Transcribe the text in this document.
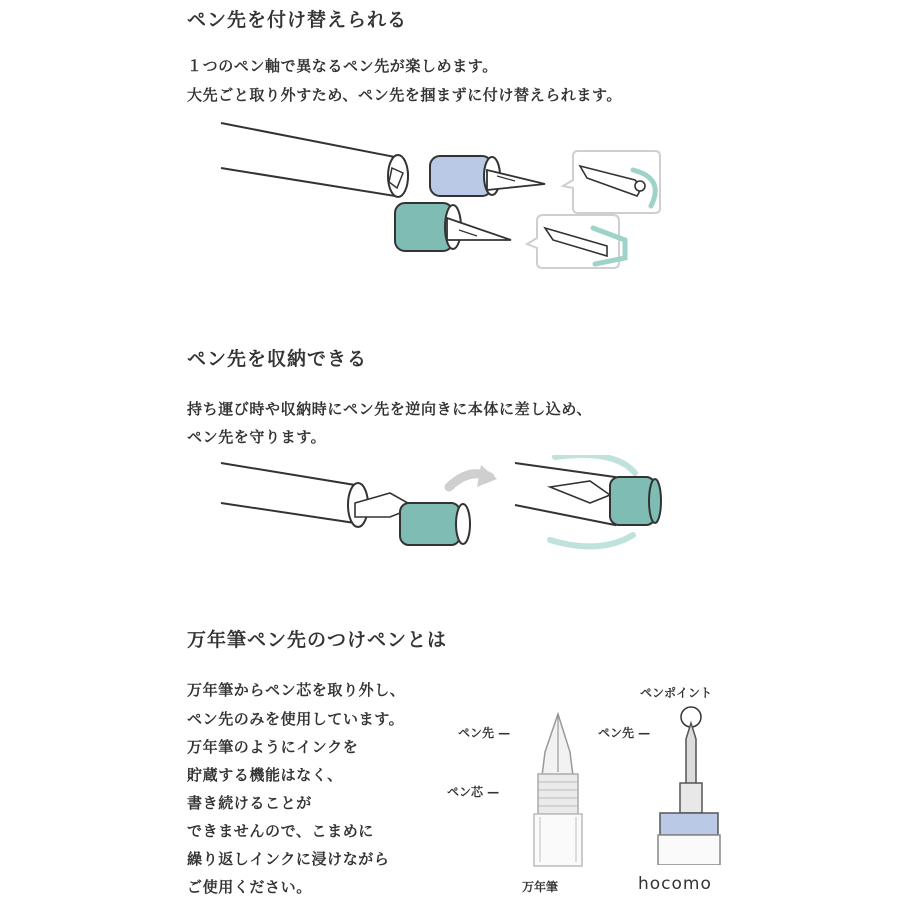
ペン先を付け替えられる
１つのペン軸で異なるペン先が楽しめます。
大先ごと取り外すため、ペン先を掴まずに付け替えられます。
ペン先を収納できる
持ち運び時や収納時にペン先を逆向きに本体に差し込め、
ペン先を守ります。
万年筆ペン先のつけペンとは
万年筆からペン芯を取り外し、
ペン先のみを使用しています。
万年筆のようにインクを
貯蔵する機能はなく、
書き続けることが
できませんので、こまめに
繰り返しインクに浸けながら
ご使用ください。
ペン先 —
ペン芯 —
万年筆
ペンポイント
ペン先 —
hocomo
